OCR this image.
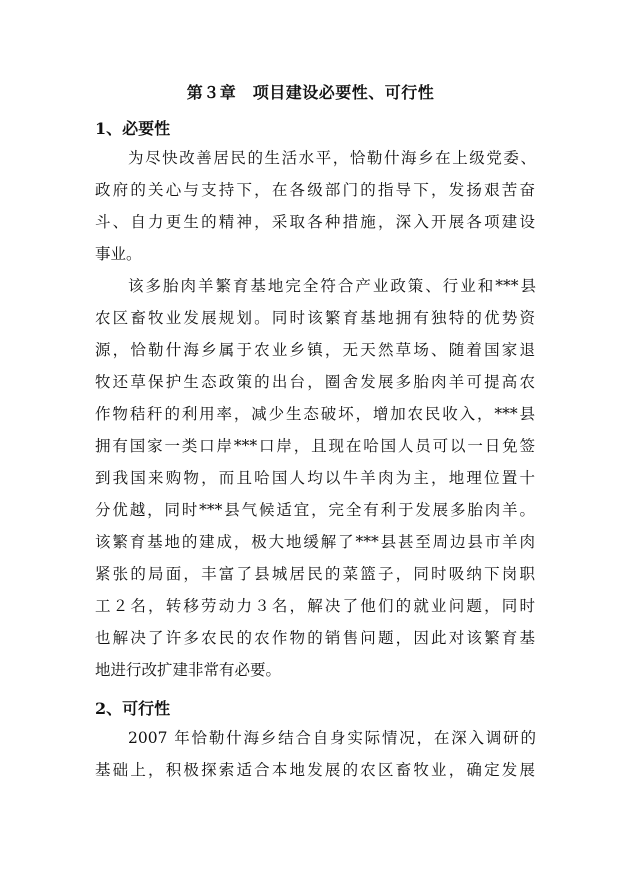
第３章　项目建设必要性、可行性
1、必要性
为尽快改善居民的生活水平，恰勒什海乡在上级党委、
政府的关心与支持下，在各级部门的指导下，发扬艰苦奋
斗、自力更生的精神，采取各种措施，深入开展各项建设
事业。
该多胎肉羊繁育基地完全符合产业政策、行业和***县
农区畜牧业发展规划。同时该繁育基地拥有独特的优势资
源，恰勒什海乡属于农业乡镇，无天然草场、随着国家退
牧还草保护生态政策的出台，圈舍发展多胎肉羊可提高农
作物秸秆的利用率，减少生态破坏，增加农民收入，***县
拥有国家一类口岸***口岸，且现在哈国人员可以一日免签
到我国来购物，而且哈国人均以牛羊肉为主，地理位置十
分优越，同时***县气候适宜，完全有利于发展多胎肉羊。
该繁育基地的建成，极大地缓解了***县甚至周边县市羊肉
紧张的局面，丰富了县城居民的菜篮子，同时吸纳下岗职
工２名，转移劳动力３名，解决了他们的就业问题，同时
也解决了许多农民的农作物的销售问题，因此对该繁育基
地进行改扩建非常有必要。
2、可行性
2007 年恰勒什海乡结合自身实际情况，在深入调研的
基础上，积极探索适合本地发展的农区畜牧业，确定发展
